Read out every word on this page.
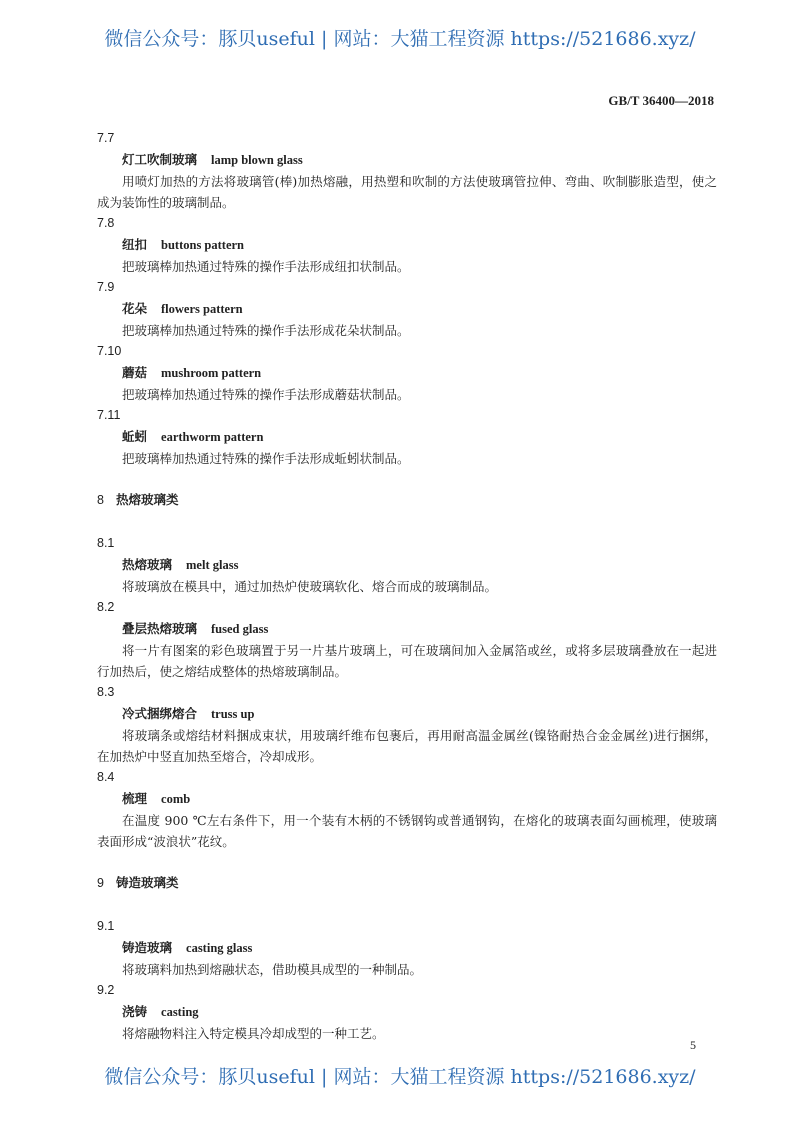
微信公众号：豚贝useful | 网站：大猫工程资源 https://521686.xyz/
GB/T 36400—2018
7.7
灯工吹制玻璃 lamp blown glass
用喷灯加热的方法将玻璃管(棒)加热熔融，用热塑和吹制的方法使玻璃管拉伸、弯曲、吹制膨胀造型，使之成为装饰性的玻璃制品。
7.8
纽扣 buttons pattern
把玻璃棒加热通过特殊的操作手法形成纽扣状制品。
7.9
花朵 flowers pattern
把玻璃棒加热通过特殊的操作手法形成花朵状制品。
7.10
蘑菇 mushroom pattern
把玻璃棒加热通过特殊的操作手法形成蘑菇状制品。
7.11
蚯蚓 earthworm pattern
把玻璃棒加热通过特殊的操作手法形成蚯蚓状制品。
8 热熔玻璃类
8.1
热熔玻璃 melt glass
将玻璃放在模具中，通过加热炉使玻璃软化、熔合而成的玻璃制品。
8.2
叠层热熔玻璃 fused glass
将一片有图案的彩色玻璃置于另一片基片玻璃上，可在玻璃间加入金属箔或丝，或将多层玻璃叠放在一起进行加热后，使之熔结成整体的热熔玻璃制品。
8.3
冷式捆绑熔合 truss up
将玻璃条或熔结材料捆成束状，用玻璃纤维布包裹后，再用耐高温金属丝(镍铬耐热合金金属丝)进行捆绑，在加热炉中竖直加热至熔合，冷却成形。
8.4
梳理 comb
在温度 900 ℃左右条件下，用一个装有木柄的不锈钢钩或普通钢钩，在熔化的玻璃表面勾画梳理，使玻璃表面形成“波浪状”花纹。
9 铸造玻璃类
9.1
铸造玻璃 casting glass
将玻璃料加热到熔融状态，借助模具成型的一种制品。
9.2
浇铸 casting
将熔融物料注入特定模具冷却成型的一种工艺。
5
微信公众号：豚贝useful | 网站：大猫工程资源 https://521686.xyz/
